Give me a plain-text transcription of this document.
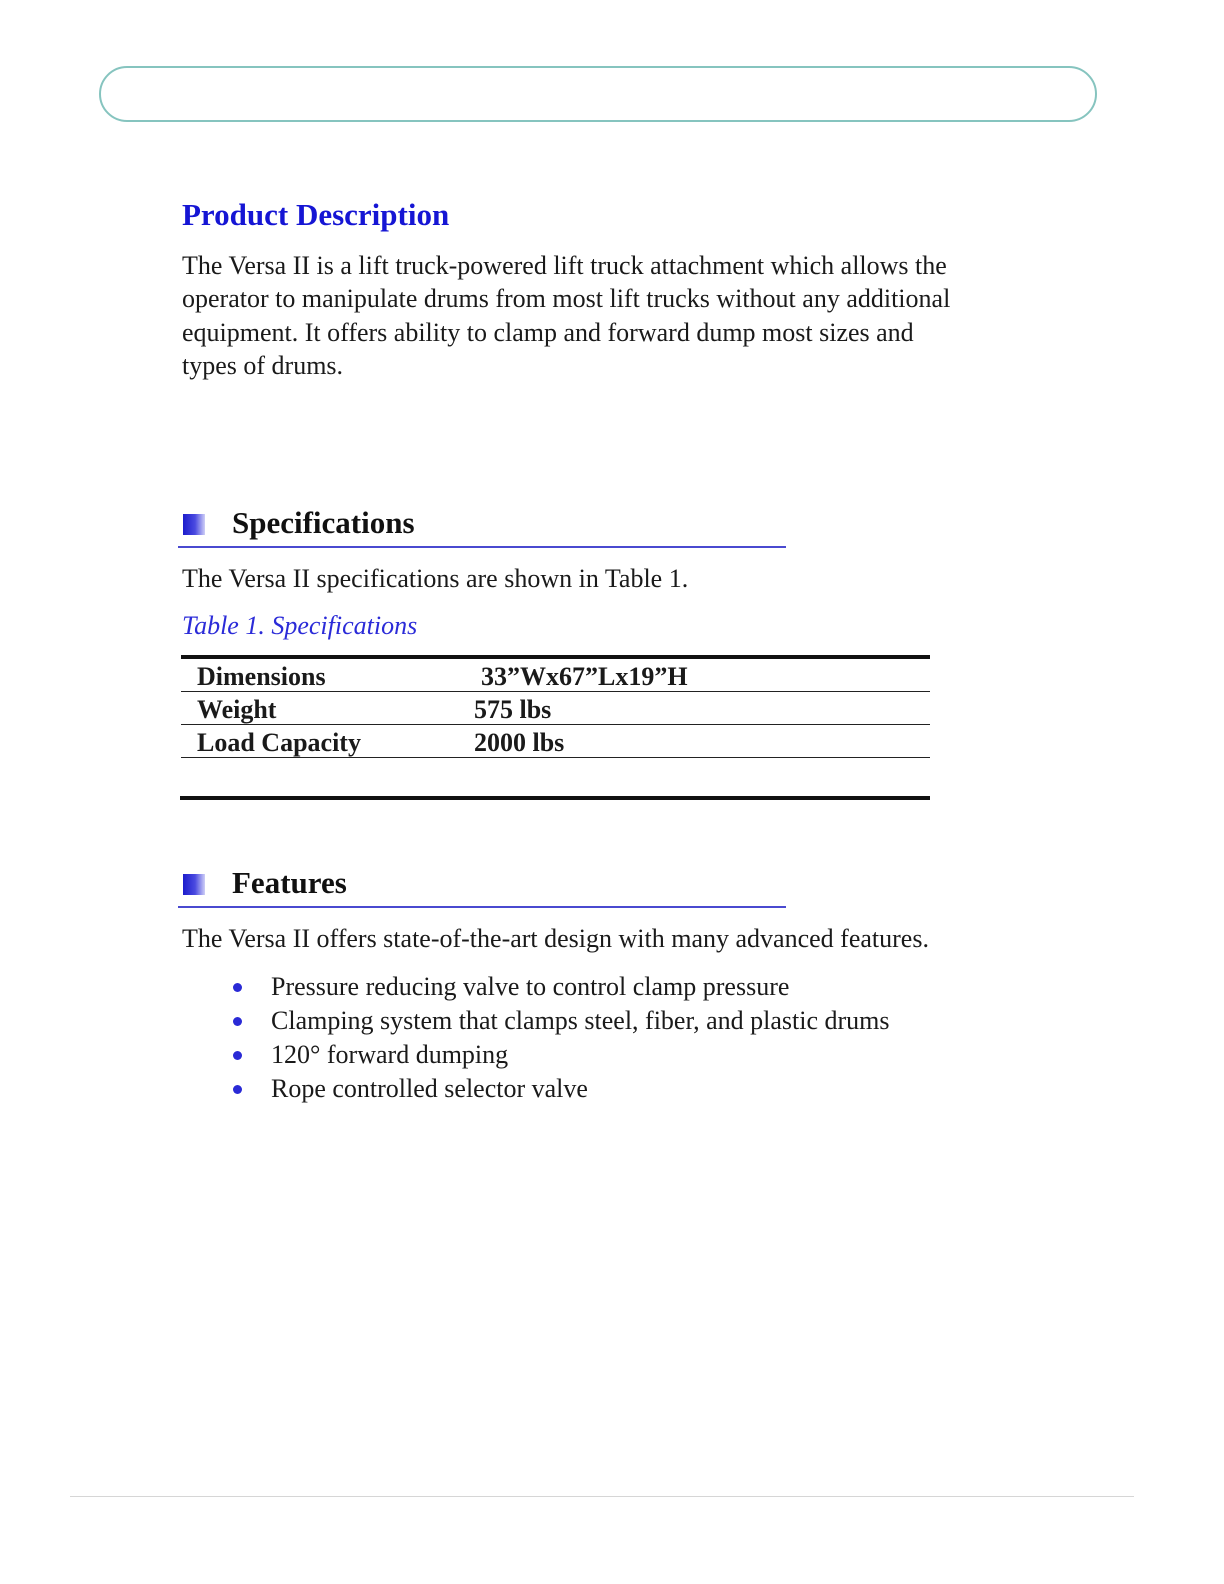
Product Description

The Versa II is a lift truck-powered lift truck attachment which allows the
operator to manipulate drums from most lift trucks without any additional
equipment. It offers ability to clamp and forward dump most sizes and
types of drums.

Specifications

The Versa II specifications are shown in Table 1.

Table 1. Specifications

Dimensions	33”Wx67”Lx19”H
Weight	575 lbs
Load Capacity	2000 lbs
Features

The Versa II offers state-of-the-art design with many advanced features.

Pressure reducing valve to control clamp pressure
Clamping system that clamps steel, fiber, and plastic drums
120° forward dumping
Rope controlled selector valve
